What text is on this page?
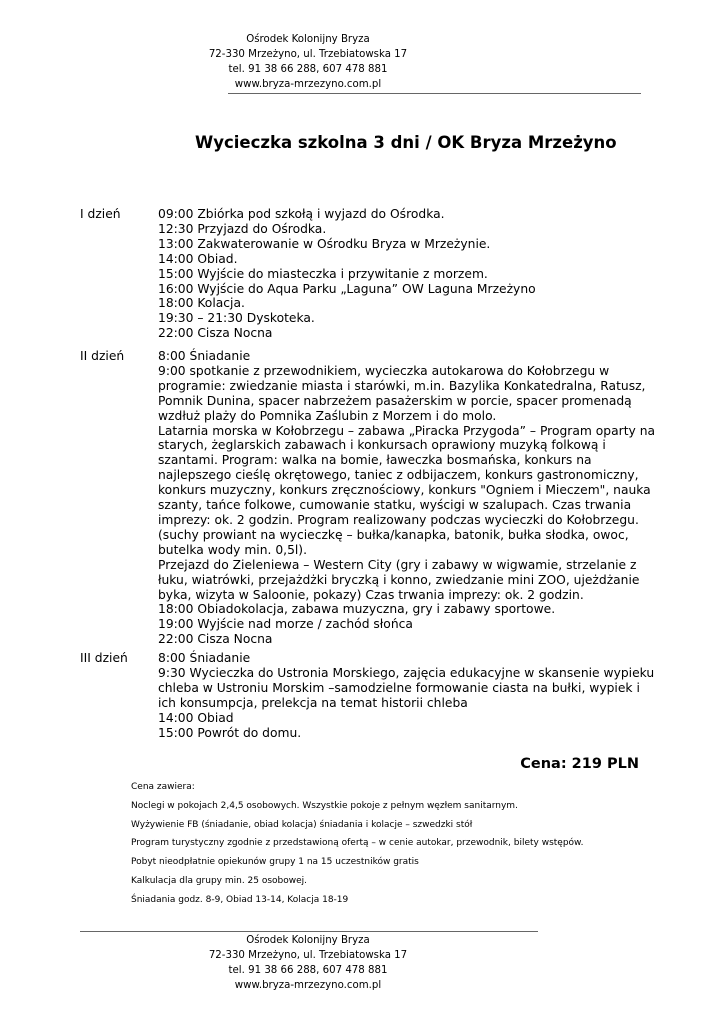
Ośrodek Kolonijny Bryza
72-330 Mrzeżyno, ul. Trzebiatowska 17
tel. 91 38 66 288, 607 478 881
www.bryza-mrzezyno.com.pl
Wycieczka szkolna 3 dni / OK Bryza Mrzeżyno
I dzień	09:00 Zbiórka pod szkołą i wyjazd do Ośrodka.
12:30 Przyjazd do Ośrodka.
13:00 Zakwaterowanie w Ośrodku Bryza w Mrzeżynie.
14:00 Obiad.
15:00 Wyjście do miasteczka i przywitanie z morzem.
16:00 Wyjście do Aqua Parku „Laguna” OW Laguna Mrzeżyno
18:00 Kolacja.
19:30 – 21:30 Dyskoteka.
22:00 Cisza Nocna
II dzień	8:00 Śniadanie
9:00 spotkanie z przewodnikiem, wycieczka autokarowa do Kołobrzegu w
programie: zwiedzanie miasta i starówki, m.in. Bazylika Konkatedralna, Ratusz,
Pomnik Dunina, spacer nabrzeżem pasażerskim w porcie, spacer promenadą
wzdłuż plaży do Pomnika Zaślubin z Morzem i do molo.
Latarnia morska w Kołobrzegu – zabawa „Piracka Przygoda” – Program oparty na
starych, żeglarskich zabawach i konkursach oprawiony muzyką folkową i
szantami. Program: walka na bomie, ławeczka bosmańska, konkurs na
najlepszego cieślę okrętowego, taniec z odbijaczem, konkurs gastronomiczny,
konkurs muzyczny, konkurs zręcznościowy, konkurs "Ogniem i Mieczem", nauka
szanty, tańce folkowe, cumowanie statku, wyścigi w szalupach. Czas trwania
imprezy: ok. 2 godzin. Program realizowany podczas wycieczki do Kołobrzegu.
(suchy prowiant na wycieczkę – bułka/kanapka, batonik, bułka słodka, owoc,
butelka wody min. 0,5l).
Przejazd do Zieleniewa – Western City (gry i zabawy w wigwamie, strzelanie z
łuku, wiatrówki, przejażdżki bryczką i konno, zwiedzanie mini ZOO, ujeżdżanie
byka, wizyta w Saloonie, pokazy) Czas trwania imprezy: ok. 2 godzin.
18:00 Obiadokolacja, zabawa muzyczna, gry i zabawy sportowe.
19:00 Wyjście nad morze / zachód słońca
22:00 Cisza Nocna
III dzień 8:00 Śniadanie
9:30 Wycieczka do Ustronia Morskiego, zajęcia edukacyjne w skansenie wypieku
chleba w Ustroniu Morskim –samodzielne formowanie ciasta na bułki, wypiek i
ich konsumpcja, prelekcja na temat historii chleba
14:00 Obiad
15:00 Powrót do domu.
Cena: 219 PLN
Cena zawiera:
Noclegi w pokojach 2,4,5 osobowych. Wszystkie pokoje z pełnym węzłem sanitarnym.
Wyżywienie FB (śniadanie, obiad kolacja) śniadania i kolacje – szwedzki stół
Program turystyczny zgodnie z przedstawioną ofertą – w cenie autokar, przewodnik, bilety wstępów.
Pobyt nieodpłatnie opiekunów grupy 1 na 15 uczestników gratis
Kalkulacja dla grupy min. 25 osobowej.
Śniadania godz. 8-9, Obiad 13-14, Kolacja 18-19
Ośrodek Kolonijny Bryza
72-330 Mrzeżyno, ul. Trzebiatowska 17
tel. 91 38 66 288, 607 478 881
www.bryza-mrzezyno.com.pl
